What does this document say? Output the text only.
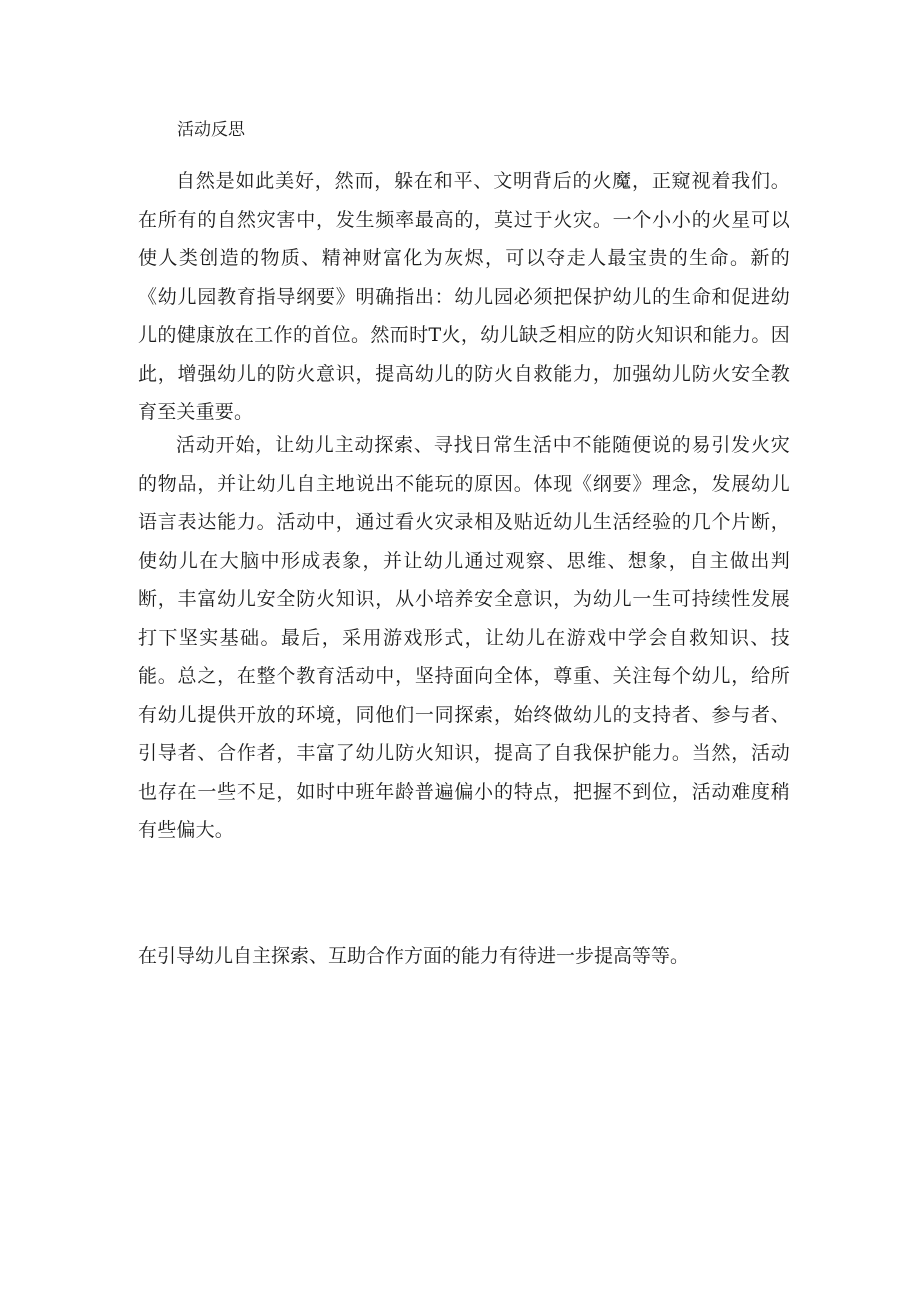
活动反思

自然是如此美好，然而，躲在和平、文明背后的火魔，正窥视着我们。在所有的自然灾害中，发生频率最高的，莫过于火灾。一个小小的火星可以使人类创造的物质、精神财富化为灰烬，可以夺走人最宝贵的生命。新的《幼儿园教育指导纲要》明确指出：幼儿园必须把保护幼儿的生命和促进幼儿的健康放在工作的首位。然而时T火，幼儿缺乏相应的防火知识和能力。因此，增强幼儿的防火意识，提高幼儿的防火自救能力，加强幼儿防火安全教育至关重要。

活动开始，让幼儿主动探索、寻找日常生活中不能随便说的易引发火灾的物品，并让幼儿自主地说出不能玩的原因。体现《纲要》理念，发展幼儿语言表达能力。活动中，通过看火灾录相及贴近幼儿生活经验的几个片断，使幼儿在大脑中形成表象，并让幼儿通过观察、思维、想象，自主做出判断，丰富幼儿安全防火知识，从小培养安全意识，为幼儿一生可持续性发展打下坚实基础。最后，采用游戏形式，让幼儿在游戏中学会自救知识、技能。总之，在整个教育活动中，坚持面向全体，尊重、关注每个幼儿，给所有幼儿提供开放的环境，同他们一同探索，始终做幼儿的支持者、参与者、引导者、合作者，丰富了幼儿防火知识，提高了自我保护能力。当然，活动也存在一些不足，如时中班年龄普遍偏小的特点，把握不到位，活动难度稍有些偏大。

在引导幼儿自主探索、互助合作方面的能力有待进一步提高等等。
